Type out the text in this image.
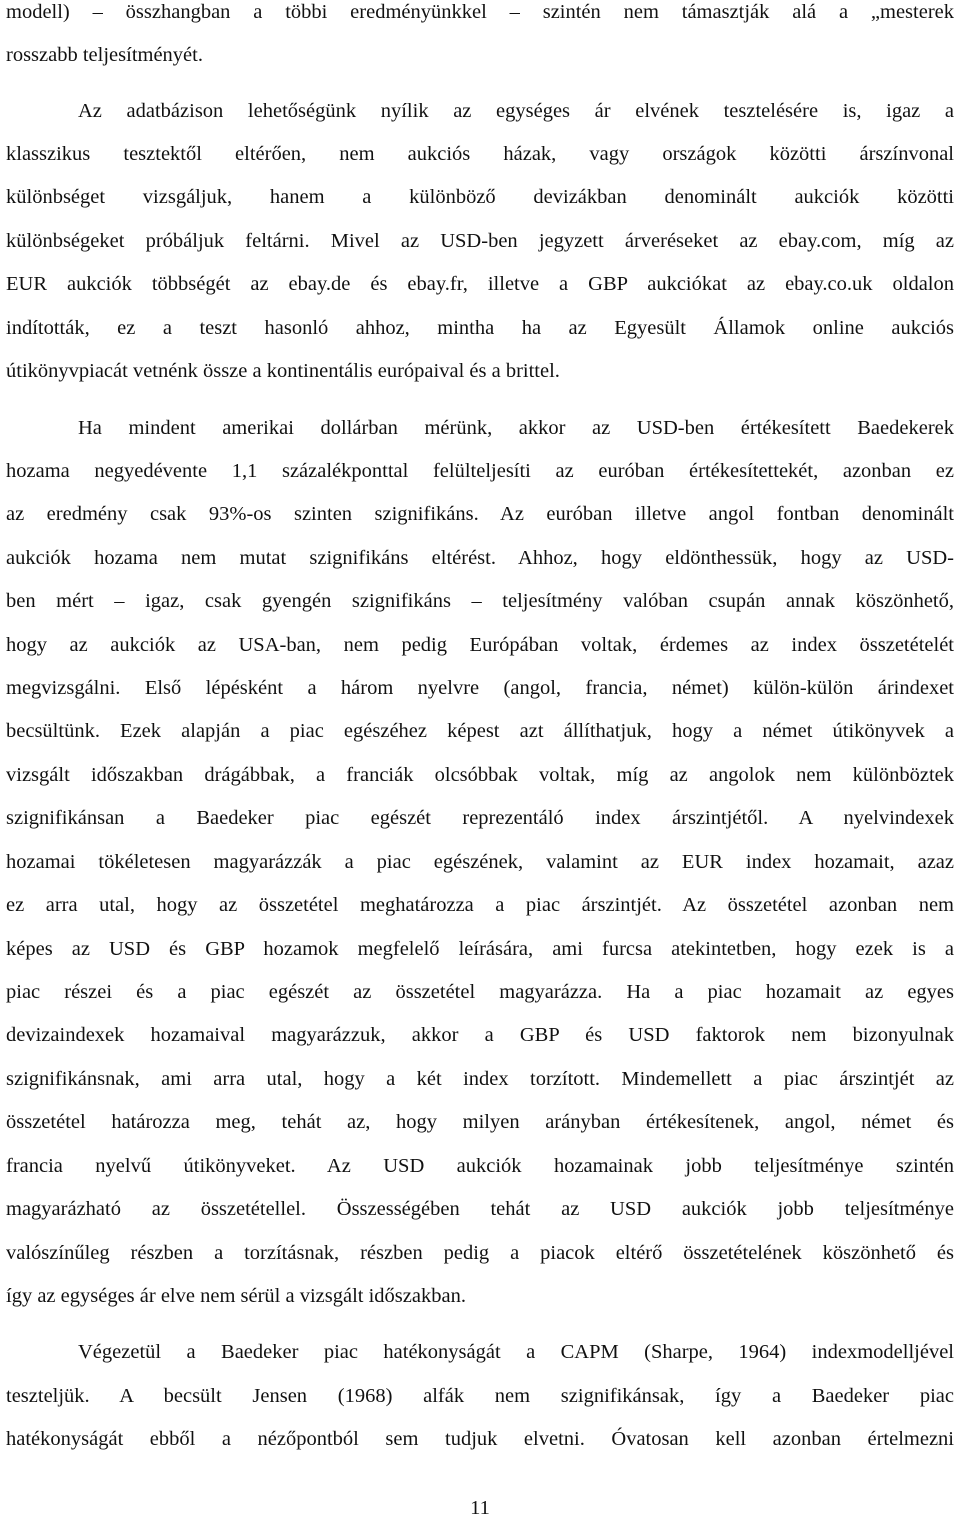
modell) – összhangban a többi eredményünkkel – szintén nem támasztják alá a „mesterek
rosszabb teljesítményét.
Az adatbázison lehetőségünk nyílik az egységes ár elvének tesztelésére is, igaz a
klasszikus tesztektől eltérően, nem aukciós házak, vagy országok közötti árszínvonal
különbséget vizsgáljuk, hanem a különböző devizákban denominált aukciók közötti
különbségeket próbáljuk feltárni. Mivel az USD-ben jegyzett árveréseket az ebay.com, míg az
EUR aukciók többségét az ebay.de és ebay.fr, illetve a GBP aukciókat az ebay.co.uk oldalon
indították, ez a teszt hasonló ahhoz, mintha ha az Egyesült Államok online aukciós
útikönyvpiacát vetnénk össze a kontinentális európaival és a brittel.
Ha mindent amerikai dollárban mérünk, akkor az USD-ben értékesített Baedekerek
hozama negyedévente 1,1 százalékponttal felülteljesíti az euróban értékesítettekét, azonban ez
az eredmény csak 93%-os szinten szignifikáns. Az euróban illetve angol fontban denominált
aukciók hozama nem mutat szignifikáns eltérést. Ahhoz, hogy eldönthessük, hogy az USD-
ben mért – igaz, csak gyengén szignifikáns – teljesítmény valóban csupán annak köszönhető,
hogy az aukciók az USA-ban, nem pedig Európában voltak, érdemes az index összetételét
megvizsgálni. Első lépésként a három nyelvre (angol, francia, német) külön-külön árindexet
becsültünk. Ezek alapján a piac egészéhez képest azt állíthatjuk, hogy a német útikönyvek a
vizsgált időszakban drágábbak, a franciák olcsóbbak voltak, míg az angolok nem különböztek
szignifikánsan a Baedeker piac egészét reprezentáló index árszintjétől. A nyelvindexek
hozamai tökéletesen magyarázzák a piac egészének, valamint az EUR index hozamait, azaz
ez arra utal, hogy az összetétel meghatározza a piac árszintjét. Az összetétel azonban nem
képes az USD és GBP hozamok megfelelő leírására, ami furcsa atekintetben, hogy ezek is a
piac részei és a piac egészét az összetétel magyarázza. Ha a piac hozamait az egyes
devizaindexek hozamaival magyarázzuk, akkor a GBP és USD faktorok nem bizonyulnak
szignifikánsnak, ami arra utal, hogy a két index torzított. Mindemellett a piac árszintjét az
összetétel határozza meg, tehát az, hogy milyen arányban értékesítenek, angol, német és
francia nyelvű útikönyveket. Az USD aukciók hozamainak jobb teljesítménye szintén
magyarázható az összetétellel. Összességében tehát az USD aukciók jobb teljesítménye
valószínűleg részben a torzításnak, részben pedig a piacok eltérő összetételének köszönhető és
így az egységes ár elve nem sérül a vizsgált időszakban.
Végezetül a Baedeker piac hatékonyságát a CAPM (Sharpe, 1964) indexmodelljével
teszteljük. A becsült Jensen (1968) alfák nem szignifikánsak, így a Baedeker piac
hatékonyságát ebből a nézőpontból sem tudjuk elvetni. Óvatosan kell azonban értelmezni
11
